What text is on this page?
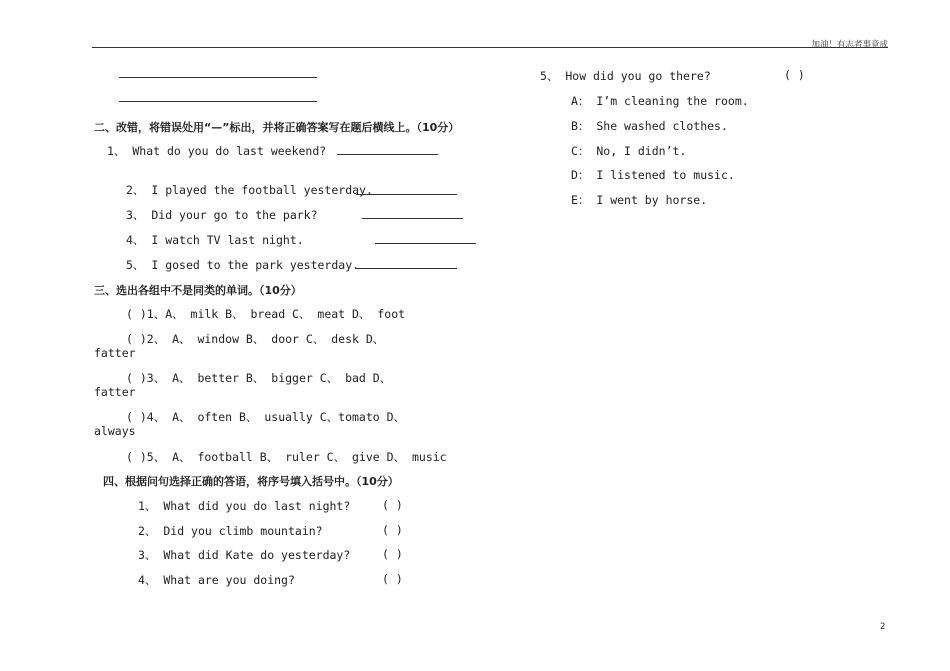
加油！有志者事竟成
二、改错，将错误处用“—”标出，并将正确答案写在题后横线上。（10分）
1、 What do you do last weekend?
2、 I played the football yesterday.
3、 Did your go to the park?
4、 I watch TV last night.
5、 I gosed to the park yesterday.
三、选出各组中不是同类的单词。（10分）
( )1、A、 milk B、 bread C、 meat D、 foot
( )2、 A、 window B、 door C、 desk D、
fatter
( )3、 A、 better B、 bigger C、 bad D、
fatter
( )4、 A、 often B、 usually C、tomato D、
always
( )5、 A、 football B、 ruler C、 give D、 music
四、根据问句选择正确的答语，将序号填入括号中。（10分）
1、 What did you do last night?	( )
2、 Did you climb mountain?	( )
3、 What did Kate do yesterday?	( )
4、 What are you doing?	( )
5、 How did you go there?	( )
A： I’m cleaning the room.
B： She washed clothes.
C： No, I didn’t.
D： I listened to music.
E： I went by horse.
2
